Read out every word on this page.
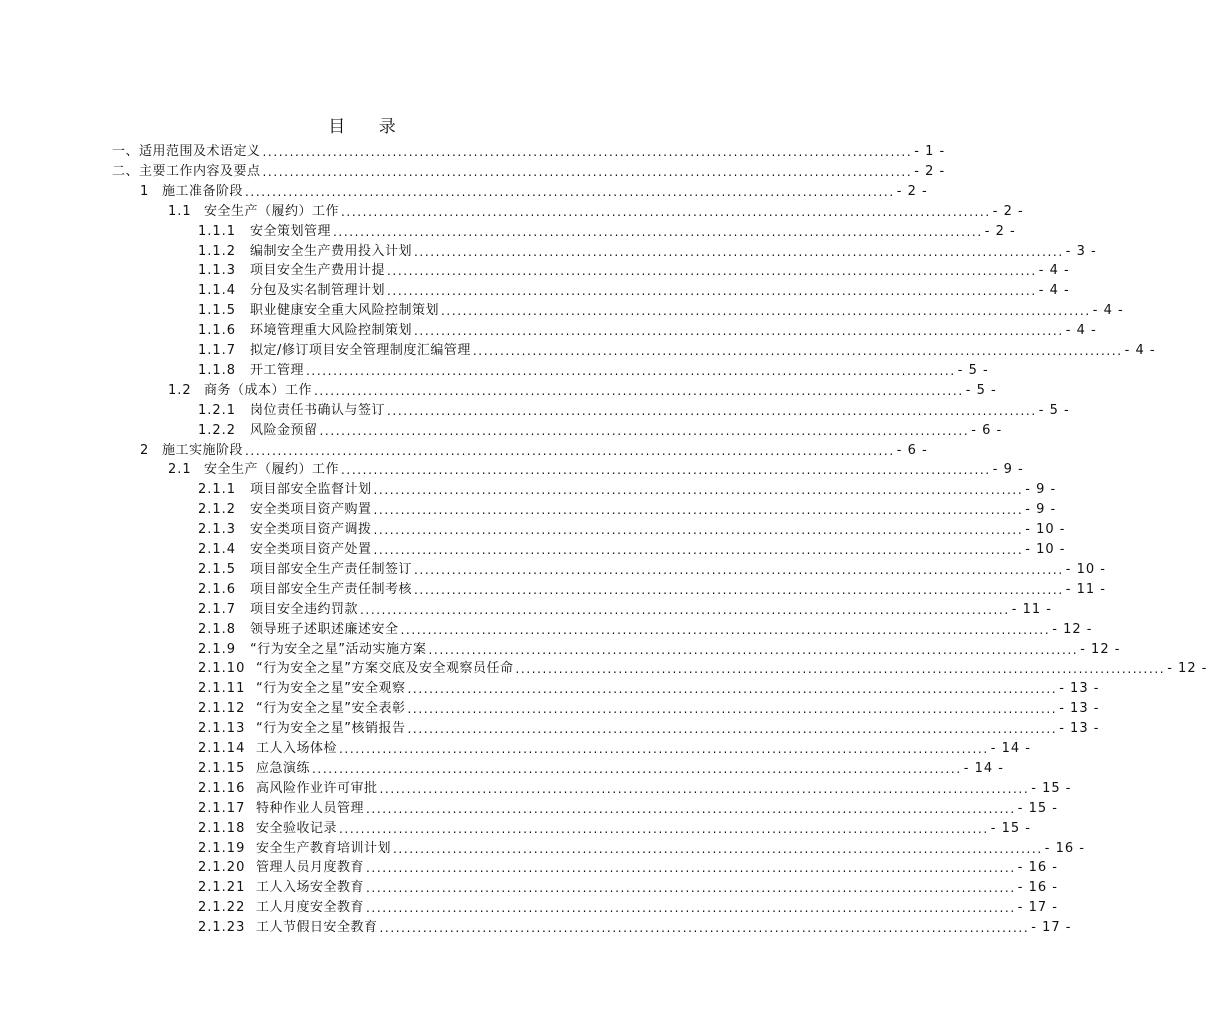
目 录
一、适用范围及术语定义 ........................................................................................................................ - 1 -
二、主要工作内容及要点 ........................................................................................................................ - 2 -
1 施工准备阶段 ........................................................................................................................ - 2 -
1.1 安全生产（履约）工作 ........................................................................................................................ - 2 -
1.1.1	安全策划管理 ........................................................................................................................ - 2 -
1.1.2	编制安全生产费用投入计划 ........................................................................................................................ - 3 -
1.1.3	项目安全生产费用计提 ........................................................................................................................ - 4 -
1.1.4	分包及实名制管理计划 ........................................................................................................................ - 4 -
1.1.5	职业健康安全重大风险控制策划 ........................................................................................................................ - 4 -
1.1.6	环境管理重大风险控制策划 ........................................................................................................................ - 4 -
1.1.7	拟定/修订项目安全管理制度汇编管理 ........................................................................................................................ - 4 -
1.1.8	开工管理 ........................................................................................................................ - 5 -
1.2 商务（成本）工作 ........................................................................................................................ - 5 -
1.2.1	岗位责任书确认与签订 ........................................................................................................................ - 5 -
1.2.2	风险金预留 ........................................................................................................................ - 6 -
2 施工实施阶段 ........................................................................................................................ - 6 -
2.1 安全生产（履约）工作 ........................................................................................................................ - 9 -
2.1.1	项目部安全监督计划 ........................................................................................................................ - 9 -
2.1.2	安全类项目资产购置 ........................................................................................................................ - 9 -
2.1.3	安全类项目资产调拨 ........................................................................................................................ - 10 -
2.1.4	安全类项目资产处置 ........................................................................................................................ - 10 -
2.1.5	项目部安全生产责任制签订 ........................................................................................................................ - 10 -
2.1.6	项目部安全生产责任制考核 ........................................................................................................................ - 11 -
2.1.7	项目安全违约罚款 ........................................................................................................................ - 11 -
2.1.8	领导班子述职述廉述安全 ........................................................................................................................ - 12 -
2.1.9	“行为安全之星”活动实施方案 ........................................................................................................................ - 12 -
2.1.10 “行为安全之星”方案交底及安全观察员任命 ........................................................................................................................ - 12 -
2.1.11 “行为安全之星”安全观察 ........................................................................................................................ - 13 -
2.1.12 “行为安全之星”安全表彰 ........................................................................................................................ - 13 -
2.1.13 “行为安全之星”核销报告 ........................................................................................................................ - 13 -
2.1.14 工人入场体检 ........................................................................................................................ - 14 -
2.1.15 应急演练 ........................................................................................................................ - 14 -
2.1.16 高风险作业许可审批 ........................................................................................................................ - 15 -
2.1.17 特种作业人员管理 ........................................................................................................................ - 15 -
2.1.18 安全验收记录 ........................................................................................................................ - 15 -
2.1.19 安全生产教育培训计划 ........................................................................................................................ - 16 -
2.1.20 管理人员月度教育 ........................................................................................................................ - 16 -
2.1.21 工人入场安全教育 ........................................................................................................................ - 16 -
2.1.22 工人月度安全教育 ........................................................................................................................ - 17 -
2.1.23 工人节假日安全教育 ........................................................................................................................ - 17 -
